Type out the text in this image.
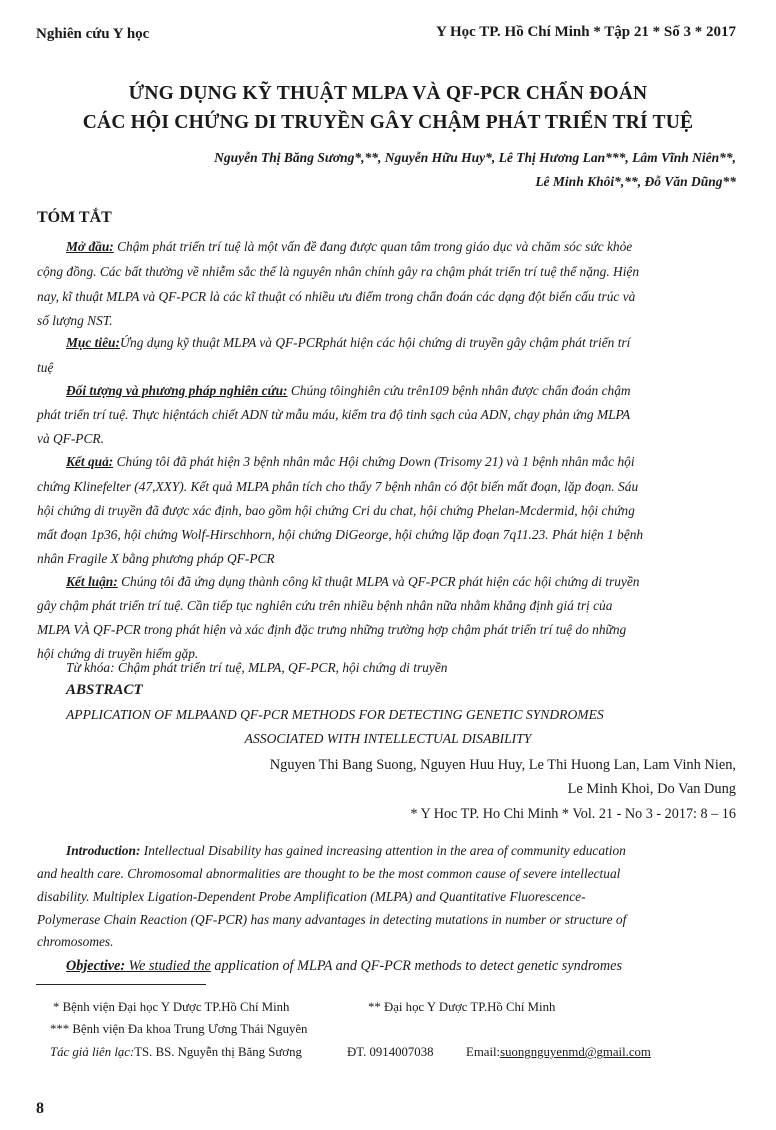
Nghiên cứu Y học	Y Học TP. Hồ Chí Minh * Tập 21 * Số 3 * 2017
ỨNG DỤNG KỸ THUẬT MLPA VÀ QF-PCR CHẨN ĐOÁN
CÁC HỘI CHỨNG DI TRUYỀN GÂY CHẬM PHÁT TRIỂN TRÍ TUỆ
Nguyễn Thị Băng Sương*,**, Nguyễn Hữu Huy*, Lê Thị Hương Lan***, Lâm Vĩnh Niên**,
Lê Minh Khôi*,**, Đỗ Văn Dũng**
TÓM TẮT
Mở đầu: Chậm phát triển trí tuệ là một vấn đề đang được quan tâm trong giáo dục và chăm sóc sức khỏe
cộng đồng. Các bất thường về nhiễm sắc thể là nguyên nhân chính gây ra chậm phát triển trí tuệ thể nặng. Hiện
nay, kĩ thuật MLPA và QF-PCR là các kĩ thuật có nhiều ưu điểm trong chẩn đoán các dạng đột biến cấu trúc và
số lượng NST.
Mục tiêu:Ứng dụng kỹ thuật MLPA và QF-PCRphát hiện các hội chứng di truyền gây chậm phát triển trí
tuệ
Đối tượng và phương pháp nghiên cứu: Chúng tôinghiên cứu trên109 bệnh nhân được chẩn đoán chậm
phát triển trí tuệ. Thực hiệntách chiết ADN từ mẫu máu, kiểm tra độ tinh sạch của ADN, chạy phản ứng MLPA
và QF-PCR.
Kết quả: Chúng tôi đã phát hiện 3 bệnh nhân mắc Hội chứng Down (Trisomy 21) và 1 bệnh nhân mắc hội
chứng Klinefelter (47,XXY). Kết quả MLPA phân tích cho thấy 7 bệnh nhân có đột biến mất đoạn, lặp đoạn. Sáu
hội chứng di truyền đã được xác định, bao gồm hội chứng Cri du chat, hội chứng Phelan-Mcdermid, hội chứng
mất đoạn 1p36, hội chứng Wolf-Hirschhorn, hội chứng DiGeorge, hội chứng lặp đoạn 7q11.23. Phát hiện 1 bệnh
nhân Fragile X bằng phương pháp QF-PCR
Kết luận: Chúng tôi đã ứng dụng thành công kĩ thuật MLPA và QF-PCR phát hiện các hội chứng di truyền
gây chậm phát triển trí tuệ. Cần tiếp tục nghiên cứu trên nhiều bệnh nhân nữa nhằm khẳng định giá trị của
MLPA VÀ QF-PCR trong phát hiện và xác định đặc trưng những trường hợp chậm phát triển trí tuệ do những
hội chứng di truyền hiếm gặp.
Từ khóa: Chậm phát triển trí tuệ, MLPA, QF-PCR, hội chứng di truyền
ABSTRACT
APPLICATION OF MLPAAND QF-PCR METHODS FOR DETECTING GENETIC SYNDROMES
ASSOCIATED WITH INTELLECTUAL DISABILITY
Nguyen Thi Bang Suong, Nguyen Huu Huy, Le Thi Huong Lan, Lam Vinh Nien,
Le Minh Khoi, Do Van Dung
* Y Hoc TP. Ho Chi Minh * Vol. 21 - No 3 - 2017: 8 – 16
Introduction: Intellectual Disability has gained increasing attention in the area of community education
and health care. Chromosomal abnormalities are thought to be the most common cause of severe intellectual
disability. Multiplex Ligation-Dependent Probe Amplification (MLPA) and Quantitative Fluorescence-
Polymerase Chain Reaction (QF-PCR) has many advantages in detecting mutations in number or structure of
chromosomes.
Objective: We studied the application of MLPA and QF-PCR methods to detect genetic syndromes
* Bệnh viện Đại học Y Dược TP.Hồ Chí Minh	** Đại học Y Dược TP.Hồ Chí Minh
*** Bệnh viện Đa khoa Trung Ương Thái Nguyên
Tác giả liên lạc:TS. BS. Nguyễn thị Băng Sương	ĐT. 0914007038	Email:suongnguyenmd@gmail.com
8
